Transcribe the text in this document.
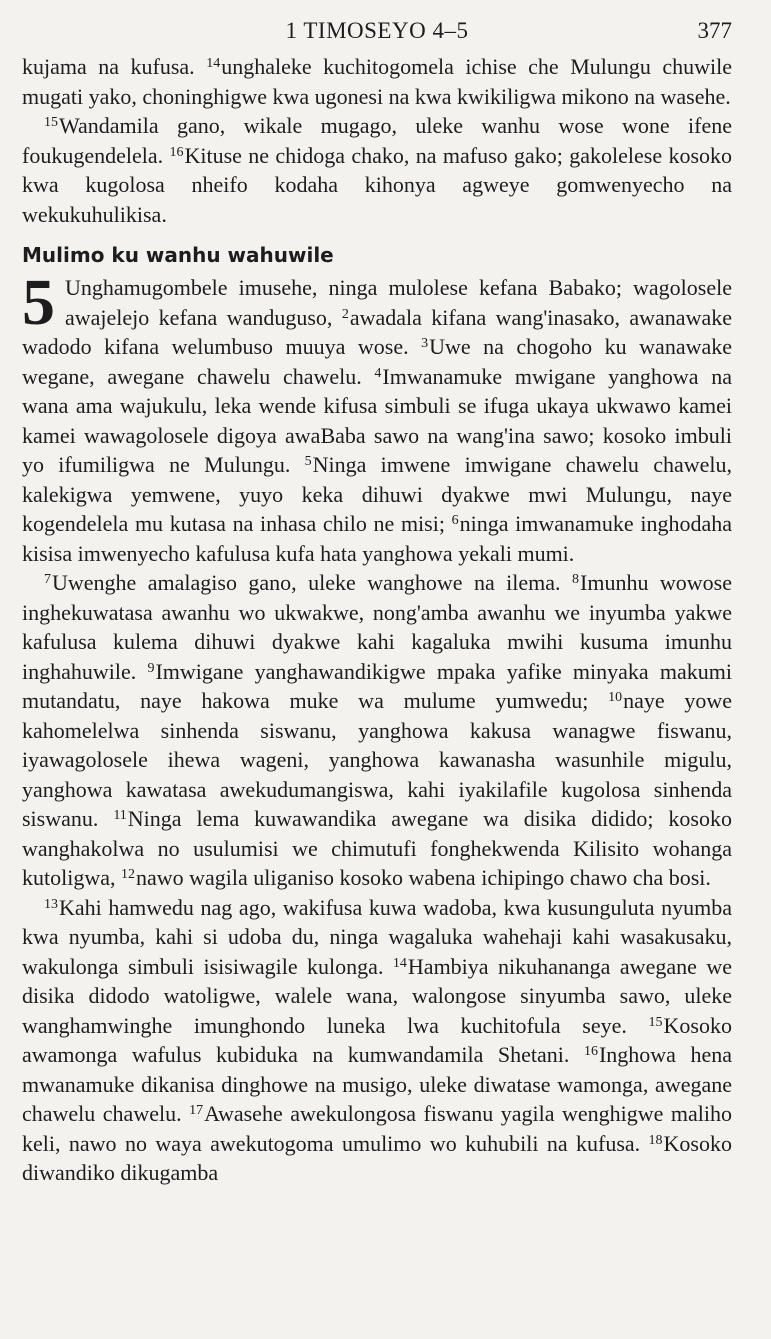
1 TIMOSEYO 4–5	377

kujama na kufusa. $^{14}$unghaleke kuchitogomela ichise che Mulungu chuwile mugati yako, choninghigwe kwa ugonesi na kwa kwikiligwa mikono na wasehe.

$^{15}$Wandamila gano, wikale mugago, uleke wanhu wose wone ifene foukugendelela. $^{16}$Kituse ne chidoga chako, na mafuso gako; gakolelese kosoko kwa kugolosa nheifo kodaha kihonya agweye gomwenyecho na wekukuhulikisa.

Mulimo ku wanhu wahuwile

5 Unghamugombele imusehe, ninga mulolese kefana Babako; wagolosele awajelejo kefana wanduguso, $^2$awadala kifana wang'inasako, awanawake wadodo kifana welumbuso muuya wose. $^3$Uwe na chogoho ku wanawake wegane, awegane chawelu chawelu. $^4$Imwanamuke mwigane yanghowa na wana ama wajukulu, leka wende kifusa simbuli se ifuga ukaya ukwawo kamei kamei wawagolosele digoya awaBaba sawo na wang'ina sawo; kosoko imbuli yo ifumiligwa ne Mulungu. $^5$Ninga imwene imwigane chawelu chawelu, kalekigwa yemwene, yuyo keka dihuwi dyakwe mwi Mulungu, naye kogendelela mu kutasa na inhasa chilo ne misi; $^6$ninga imwanamuke inghodaha kisisa imwenyecho kafulusa kufa hata yanghowa yekali mumi.

$^7$Uwenghe amalagiso gano, uleke wanghowe na ilema. $^8$Imunhu wowose inghekuwatasa awanhu wo ukwakwe, nong'amba awanhu we inyumba yakwe kafulusa kulema dihuwi dyakwe kahi kagaluka mwihi kusuma imunhu inghahuwile. $^9$Imwigane yanghawandikigwe mpaka yafike minyaka makumi mutandatu, naye hakowa muke wa mulume yumwedu; $^{10}$naye yowe kahomelelwa sinhenda siswanu, yanghowa kakusa wanagwe fiswanu, iyawagolosele ihewa wageni, yanghowa kawanasha wasunhile migulu, yanghowa kawatasa awekudumangiswa, kahi iyakilafile kugolosa sinhenda siswanu. $^{11}$Ninga lema kuwawandika awegane wa disika didido; kosoko wanghakolwa no usulumisi we chimutufi fonghekwenda Kilisito wohanga kutoligwa, $^{12}$nawo wagila uliganiso kosoko wabena ichipingo chawo cha bosi.

$^{13}$Kahi hamwedu nag ago, wakifusa kuwa wadoba, kwa kusunguluta nyumba kwa nyumba, kahi si udoba du, ninga wagaluka wahehaji kahi wasakusaku, wakulonga simbuli isisiwagile kulonga. $^{14}$Hambiya nikuhananga awegane we disika didodo watoligwe, walele wana, walongose sinyumba sawo, uleke wanghamwinghe imunghondo luneka lwa kuchitofula seye. $^{15}$Kosoko awamonga wafulus kubiduka na kumwandamila Shetani. $^{16}$Inghowa hena mwanamuke dikanisa dinghowe na musigo, uleke diwatase wamonga, awegane chawelu chawelu. $^{17}$Awasehe awekulongosa fiswanu yagila wenghigwe maliho keli, nawo no waya awekutogoma umulimo wo kuhubili na kufusa. $^{18}$Kosoko diwandiko dikugamba
